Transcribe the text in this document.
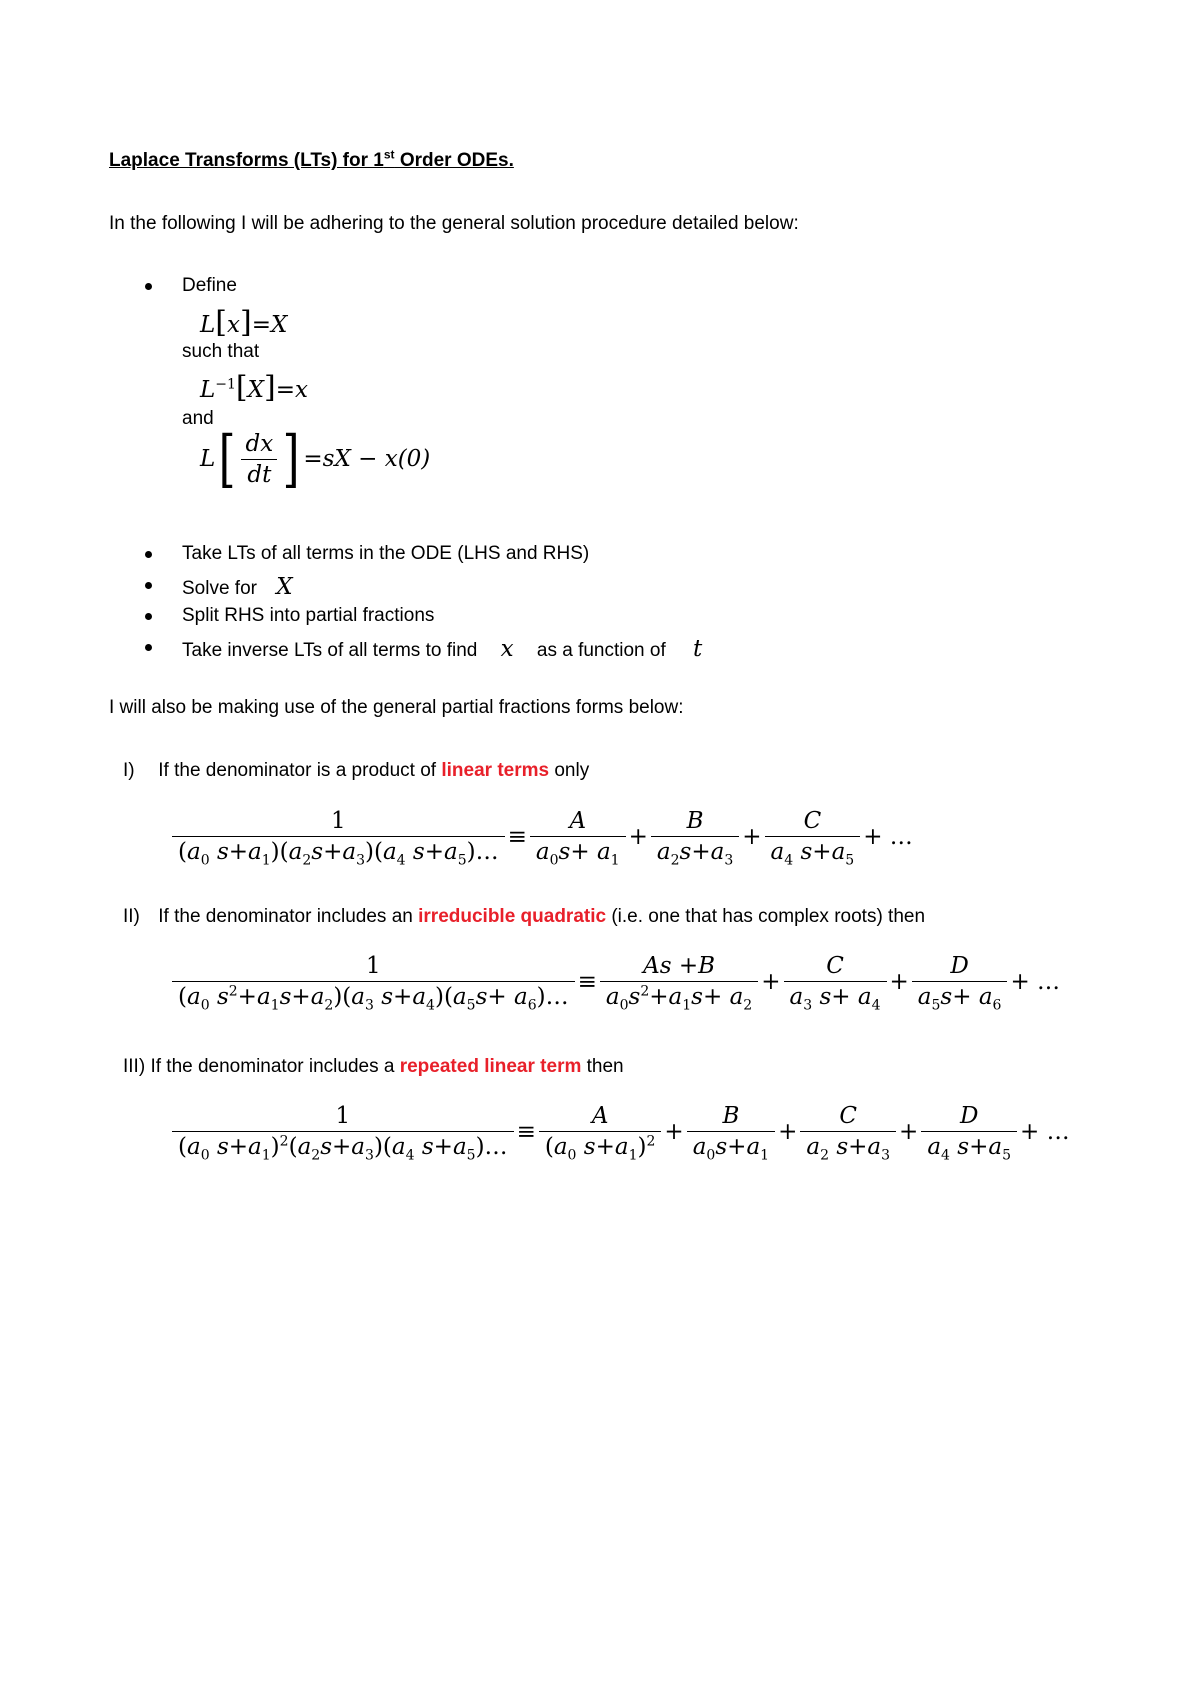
Laplace Transforms (LTs) for 1st Order ODEs.
In the following I will be adhering to the general solution procedure detailed below:
Define
L[x]=X
such that
$L^{-1}[X]=x$
and
L [ $\frac{dx}{dt}$ ] =sX − x(0)
Take LTs of all terms in the ODE (LHS and RHS)
Solve for X
Split RHS into partial fractions
Take inverse LTs of all terms to find x as a function of t
I will also be making use of the general partial fractions forms below:
I) If the denominator is a product of linear terms only
$\frac{1}{(a_0 s+a_1)(a_2s+a_3)(a_4 s+a_5)\dots} \equiv \frac{A}{a_0s+ a_1} + \frac{B}{a_2s+a_3} + \frac{C}{a_4 s+a_5}$ + …
II) If the denominator includes an irreducible quadratic (i.e. one that has complex roots) then
$\frac{1}{(a_0 s^2+a_1s+a_2)(a_3 s+a_4)(a_5s+ a_6)\dots} \equiv \frac{As +B}{a_0s^2+a_1s+ a_2} + \frac{C}{a_3 s+ a_4} + \frac{D}{a_5s+ a_6}$ + …
III) If the denominator includes a repeated linear term then
$\frac{1}{(a_0 s+a_1)^2(a_2s+a_3)(a_4 s+a_5)\dots} \equiv \frac{A}{(a_0 s+a_1)^2} + \frac{B}{a_0s+a_1} + \frac{C}{a_2 s+a_3} + \frac{D}{a_4 s+a_5}$ + …
